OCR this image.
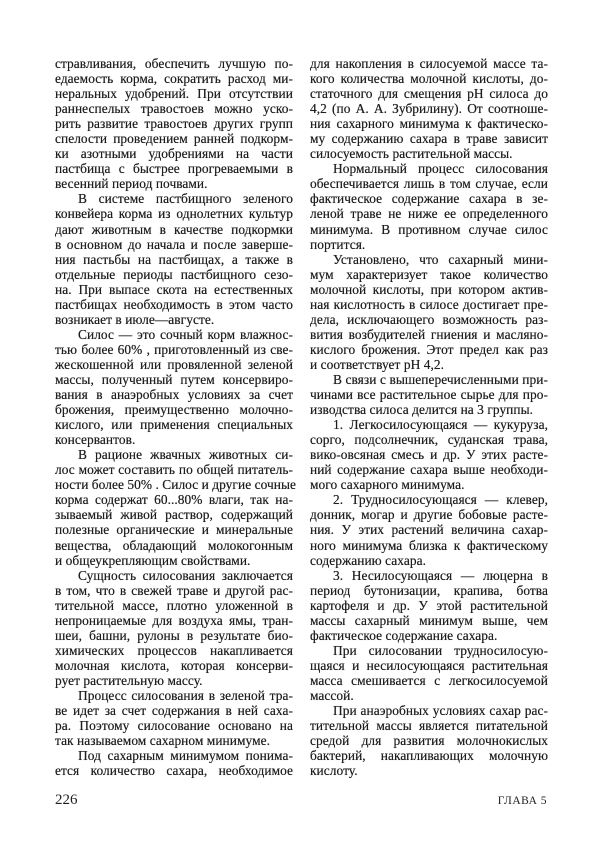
стравливания, обеспечить лучшую по-
едаемость корма, сократить расход ми-
неральных удобрений. При отсутствии
раннеспелых травостоев можно уско-
рить развитие травостоев других групп
спелости проведением ранней подкорм-
ки азотными удобрениями на части
пастбища с быстрее прогреваемыми в
весенний период почвами.
В системе пастбищного зеленого
конвейера корма из однолетних культур
дают животным в качестве подкормки
в основном до начала и после заверше-
ния пастьбы на пастбищах, а также в
отдельные периоды пастбищного сезо-
на. При выпасе скота на естественных
пастбищах необходимость в этом часто
возникает в июле—августе.
Силос — это сочный корм влажнос-
тью более 60% , приготовленный из све-
жескошенной или провяленной зеленой
массы, полученный путем консервиро-
вания в анаэробных условиях за счет
брожения, преимущественно молочно-
кислого, или применения специальных
консервантов.
В рационе жвачных животных си-
лос может составить по общей питатель-
ности более 50% . Силос и другие сочные
корма содержат 60...80% влаги, так на-
зываемый живой раствор, содержащий
полезные органические и минеральные
вещества, обладающий молокогонным
и общеукрепляющим свойствами.
Сущность силосования заключается
в том, что в свежей траве и другой рас-
тительной массе, плотно уложенной в
непроницаемые для воздуха ямы, тран-
шеи, башни, рулоны в результате био-
химических процессов накапливается
молочная кислота, которая консерви-
рует растительную массу.
Процесс силосования в зеленой тра-
ве идет за счет содержания в ней саха-
ра. Поэтому силосование основано на
так называемом сахарном минимуме.
Под сахарным минимумом понима-
ется количество сахара, необходимое
для накопления в силосуемой массе та-
кого количества молочной кислоты, до-
статочного для смещения рН силоса до
4,2 (по А. А. Зубрилину). От соотноше-
ния сахарного минимума к фактическо-
му содержанию сахара в траве зависит
силосуемость растительной массы.
Нормальный процесс силосования
обеспечивается лишь в том случае, если
фактическое содержание сахара в зе-
леной траве не ниже ее определенного
минимума. В противном случае силос
портится.
Установлено, что сахарный мини-
мум характеризует такое количество
молочной кислоты, при котором актив-
ная кислотность в силосе достигает пре-
дела, исключающего возможность раз-
вития возбудителей гниения и масляно-
кислого брожения. Этот предел как раз
и соответствует рН 4,2.
В связи с вышеперечисленными при-
чинами все растительное сырье для про-
изводства силоса делится на 3 группы.
1. Легкосилосующаяся — кукуруза,
сорго, подсолнечник, суданская трава,
вико-овсяная смесь и др. У этих расте-
ний содержание сахара выше необходи-
мого сахарного минимума.
2. Трудносилосующаяся — клевер,
донник, могар и другие бобовые расте-
ния. У этих растений величина сахар-
ного минимума близка к фактическому
содержанию сахара.
3. Несилосующаяся — люцерна в
период бутонизации, крапива, ботва
картофеля и др. У этой растительной
массы сахарный минимум выше, чем
фактическое содержание сахара.
При силосовании трудносилосую-
щаяся и несилосующаяся растительная
масса смешивается с легкосилосуемой
массой.
При анаэробных условиях сахар рас-
тительной массы является питательной
средой для развития молочнокислых
бактерий, накапливающих молочную
кислоту.
226	ГЛАВА 5
